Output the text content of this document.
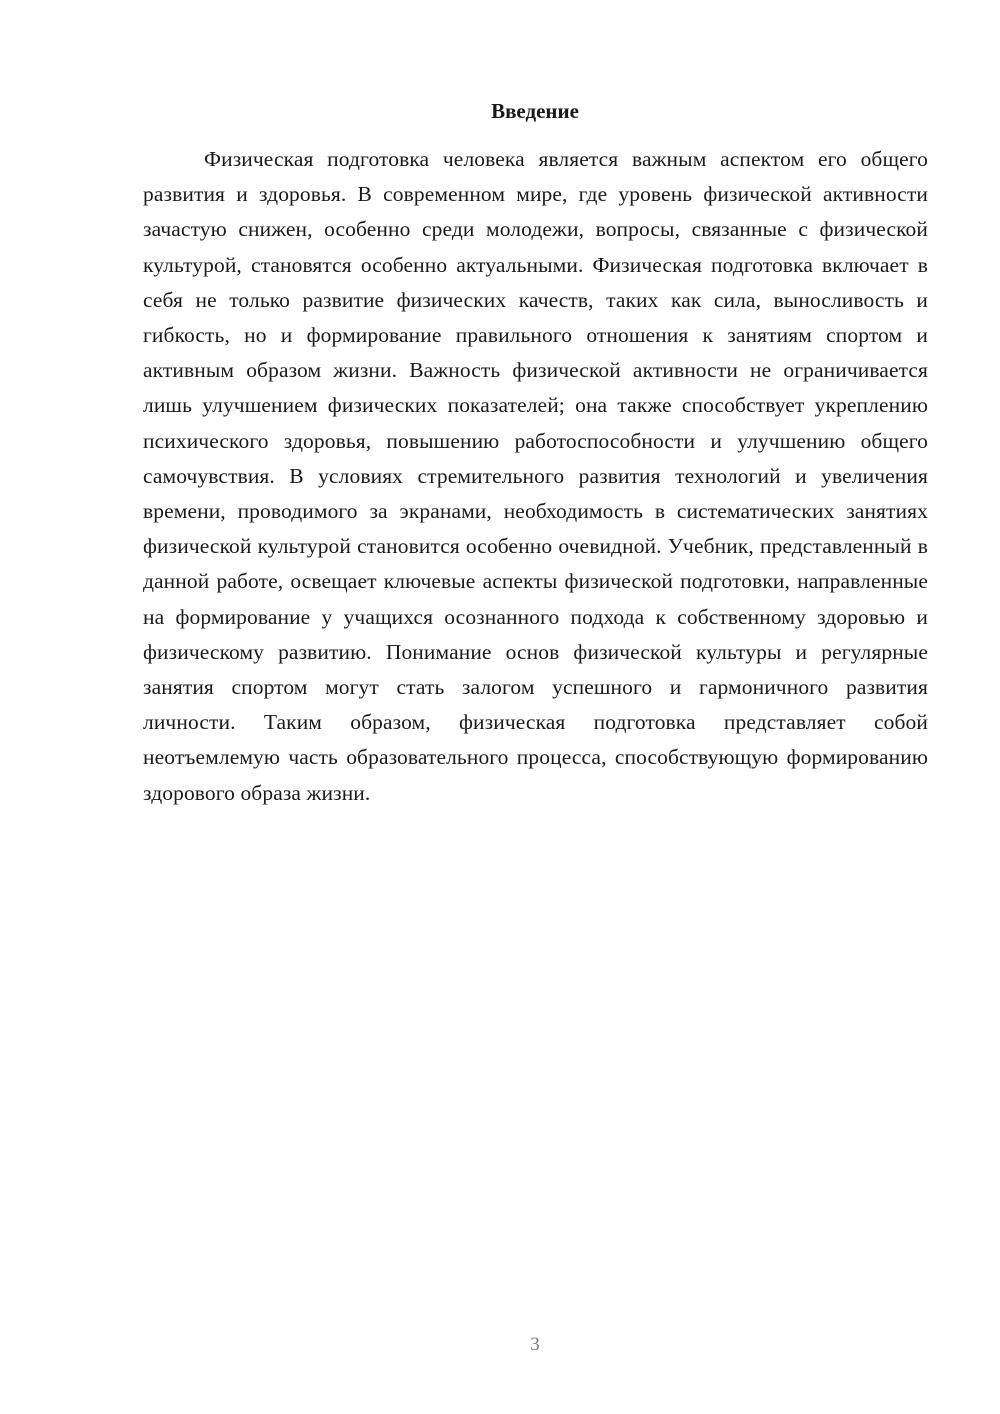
Введение

Физическая подготовка человека является важным аспектом его общего развития и здоровья. В современном мире, где уровень физической активности зачастую снижен, особенно среди молодежи, вопросы, связанные с физической культурой, становятся особенно актуальными. Физическая подготовка включает в себя не только развитие физических качеств, таких как сила, выносливость и гибкость, но и формирование правильного отношения к занятиям спортом и активным образом жизни. Важность физической активности не ограничивается лишь улучшением физических показателей; она также способствует укреплению психического здоровья, повышению работоспособности и улучшению общего самочувствия. В условиях стремительного развития технологий и увеличения времени, проводимого за экранами, необходимость в систематических занятиях физической культурой становится особенно очевидной. Учебник, представленный в данной работе, освещает ключевые аспекты физической подготовки, направленные на формирование у учащихся осознанного подхода к собственному здоровью и физическому развитию. Понимание основ физической культуры и регулярные занятия спортом могут стать залогом успешного и гармоничного развития личности. Таким образом, физическая подготовка представляет собой неотъемлемую часть образовательного процесса, способствующую формированию здорового образа жизни.

3
